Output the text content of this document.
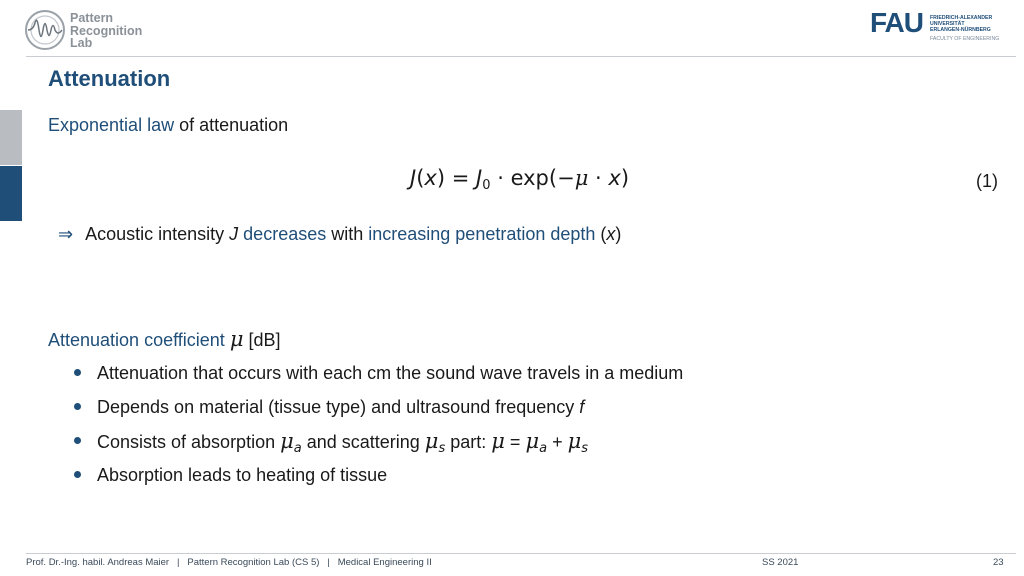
Pattern
Recognition
Lab
FAU FRIEDRICH-ALEXANDER
UNIVERSITÄT
ERLANGEN-NÜRNBERG
FACULTY OF ENGINEERING
Attenuation
Exponential law of attenuation
$J(x) = J_0 \cdot \exp(-\mu \cdot x)$	(1)
⇒ Acoustic intensity J decreases with increasing penetration depth (x)
Attenuation coefficient μ [dB]
Attenuation that occurs with each cm the sound wave travels in a medium
Depends on material (tissue type) and ultrasound frequency f
Consists of absorption $\mu_a$ and scattering $\mu_s$ part: $\mu = \mu_a + \mu_s$
Absorption leads to heating of tissue
Prof. Dr.-Ing. habil. Andreas Maier   |   Pattern Recognition Lab (CS 5)   |   Medical Engineering II	SS 2021	23
